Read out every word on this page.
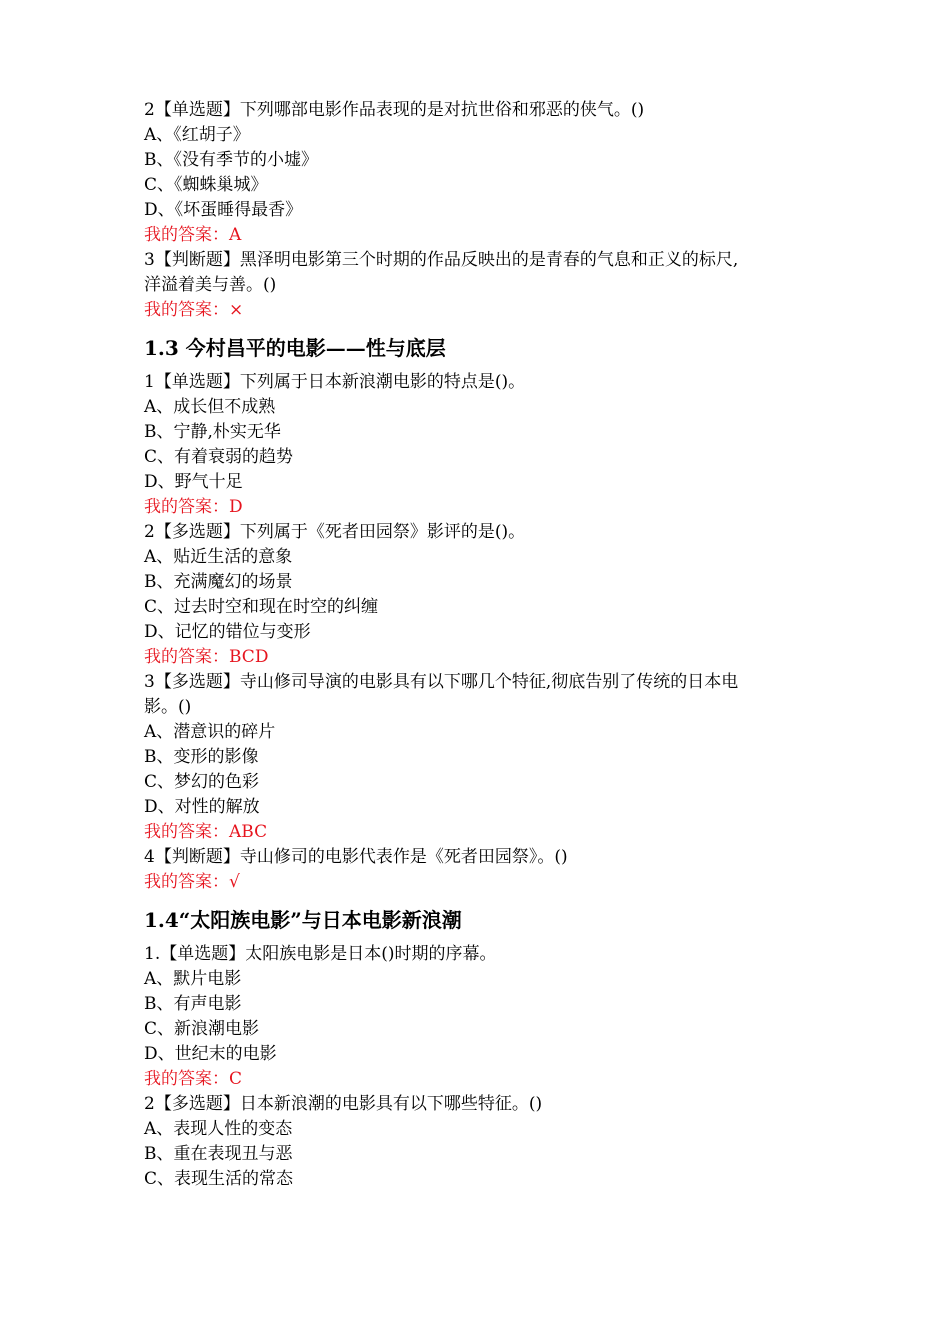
2【单选题】下列哪部电影作品表现的是对抗世俗和邪恶的侠气。()
A、《红胡子》
B、《没有季节的小墟》
C、《蜘蛛巢城》
D、《坏蛋睡得最香》
我的答案：A
3【判断题】黑泽明电影第三个时期的作品反映出的是青春的气息和正义的标尺,
洋溢着美与善。()
我的答案：×
1.3 今村昌平的电影——性与底层
1【单选题】下列属于日本新浪潮电影的特点是()。
A、成长但不成熟
B、宁静,朴实无华
C、有着衰弱的趋势
D、野气十足
我的答案：D
2【多选题】下列属于《死者田园祭》影评的是()。
A、贴近生活的意象
B、充满魔幻的场景
C、过去时空和现在时空的纠缠
D、记忆的错位与变形
我的答案：BCD
3【多选题】寺山修司导演的电影具有以下哪几个特征,彻底告别了传统的日本电
影。()
A、潜意识的碎片
B、变形的影像
C、梦幻的色彩
D、对性的解放
我的答案：ABC
4【判断题】寺山修司的电影代表作是《死者田园祭》。()
我的答案：√
1.4“太阳族电影”与日本电影新浪潮
1.【单选题】太阳族电影是日本()时期的序幕。
A、默片电影
B、有声电影
C、新浪潮电影
D、世纪末的电影
我的答案：C
2【多选题】日本新浪潮的电影具有以下哪些特征。()
A、表现人性的变态
B、重在表现丑与恶
C、表现生活的常态
